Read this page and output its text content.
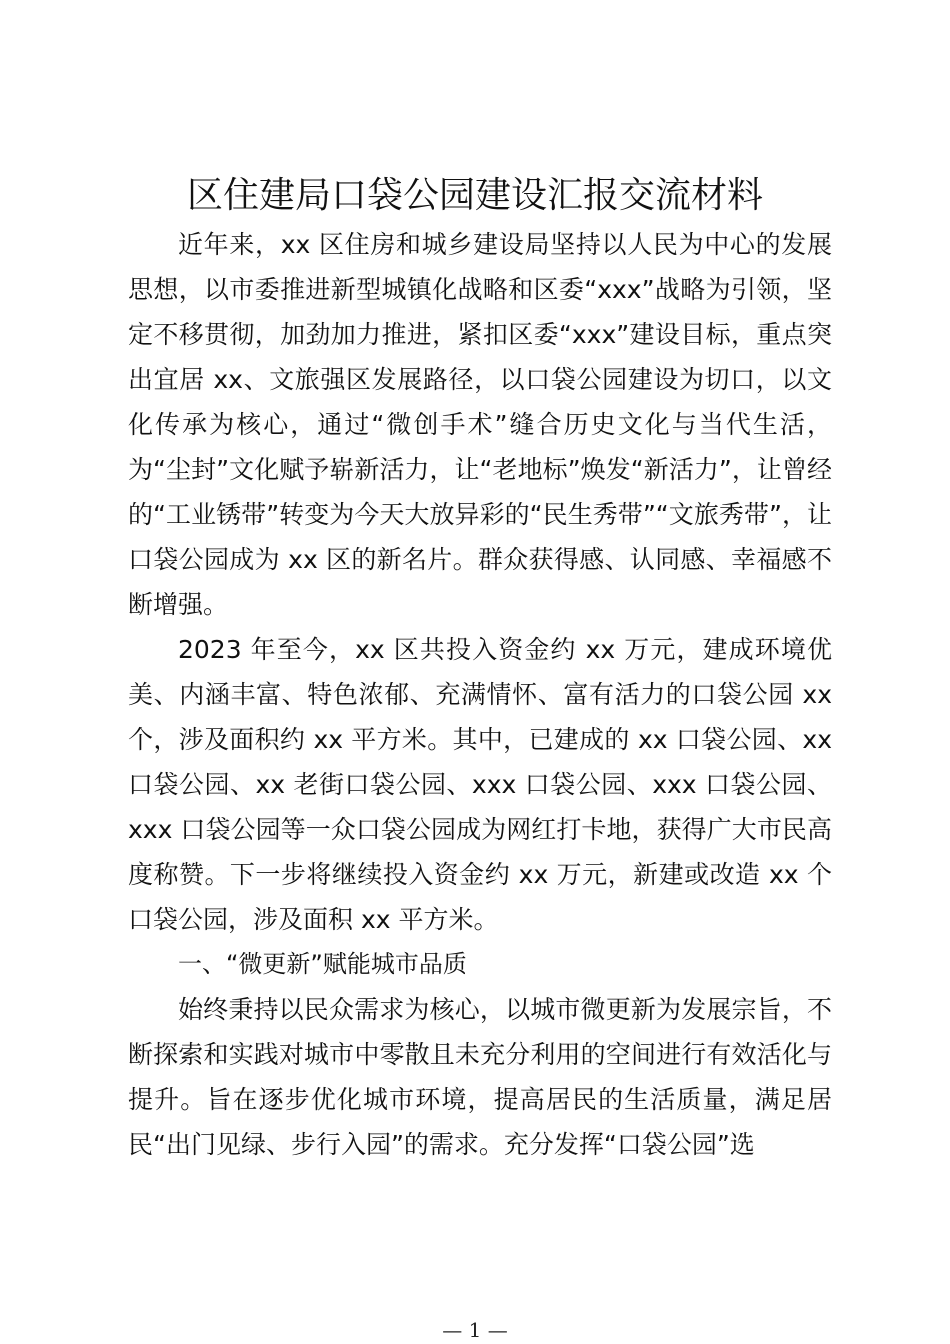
区住建局口袋公园建设汇报交流材料

近年来，xx 区住房和城乡建设局坚持以人民为中心的发展思想，以市委推进新型城镇化战略和区委“xxx”战略为引领，坚定不移贯彻，加劲加力推进，紧扣区委“xxx”建设目标，重点突出宜居 xx、文旅强区发展路径，以口袋公园建设为切口，以文化传承为核心，通过“微创手术”缝合历史文化与当代生活，为“尘封”文化赋予崭新活力，让“老地标”焕发“新活力”，让曾经的“工业锈带”转变为今天大放异彩的“民生秀带”“文旅秀带”，让口袋公园成为 xx 区的新名片。群众获得感、认同感、幸福感不断增强。

2023 年至今，xx 区共投入资金约 xx 万元，建成环境优美、内涵丰富、特色浓郁、充满情怀、富有活力的口袋公园 xx 个，涉及面积约 xx 平方米。其中，已建成的 xx 口袋公园、xx 口袋公园、xx 老街口袋公园、xxx 口袋公园、xxx 口袋公园、xxx 口袋公园等一众口袋公园成为网红打卡地，获得广大市民高度称赞。下一步将继续投入资金约 xx 万元，新建或改造 xx 个口袋公园，涉及面积 xx 平方米。

一、“微更新”赋能城市品质

始终秉持以民众需求为核心，以城市微更新为发展宗旨，不断探索和实践对城市中零散且未充分利用的空间进行有效活化与提升。旨在逐步优化城市环境，提高居民的生活质量，满足居民“出门见绿、步行入园”的需求。充分发挥“口袋公园”选

— 1 —
